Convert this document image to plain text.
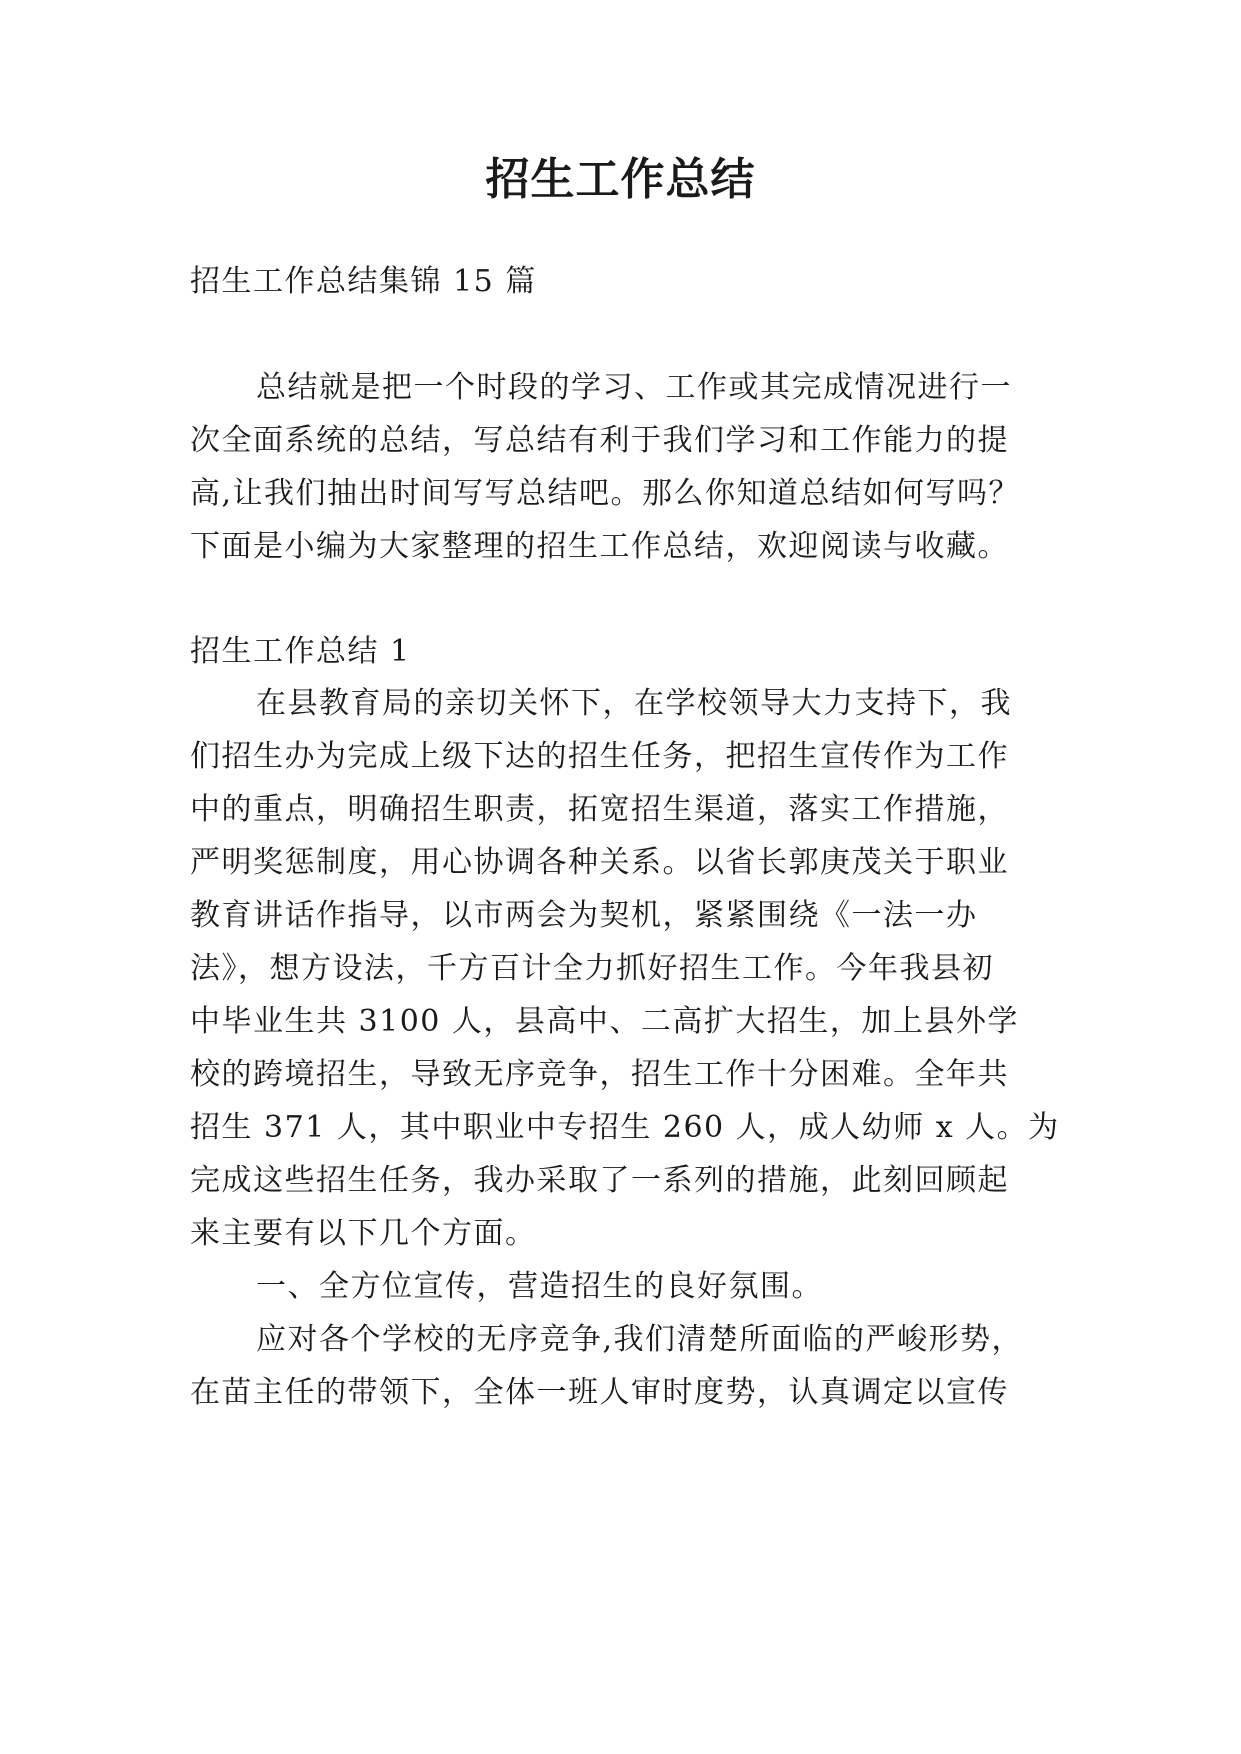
招生工作总结

招生工作总结集锦 15 篇

总结就是把一个时段的学习、工作或其完成情况进行一

次全面系统的总结，写总结有利于我们学习和工作能力的提

高,让我们抽出时间写写总结吧。那么你知道总结如何写吗？

下面是小编为大家整理的招生工作总结，欢迎阅读与收藏。

招生工作总结 1

在县教育局的亲切关怀下，在学校领导大力支持下，我

们招生办为完成上级下达的招生任务，把招生宣传作为工作

中的重点，明确招生职责，拓宽招生渠道，落实工作措施，

严明奖惩制度，用心协调各种关系。以省长郭庚茂关于职业

教育讲话作指导，以市两会为契机，紧紧围绕《一法一办

法》，想方设法，千方百计全力抓好招生工作。今年我县初

中毕业生共 3100 人，县高中、二高扩大招生，加上县外学

校的跨境招生，导致无序竞争，招生工作十分困难。全年共

招生 371 人，其中职业中专招生 260 人，成人幼师 x 人。为

完成这些招生任务，我办采取了一系列的措施，此刻回顾起

来主要有以下几个方面。

一、全方位宣传，营造招生的良好氛围。

应对各个学校的无序竞争,我们清楚所面临的严峻形势，

在苗主任的带领下，全体一班人审时度势，认真调定以宣传
